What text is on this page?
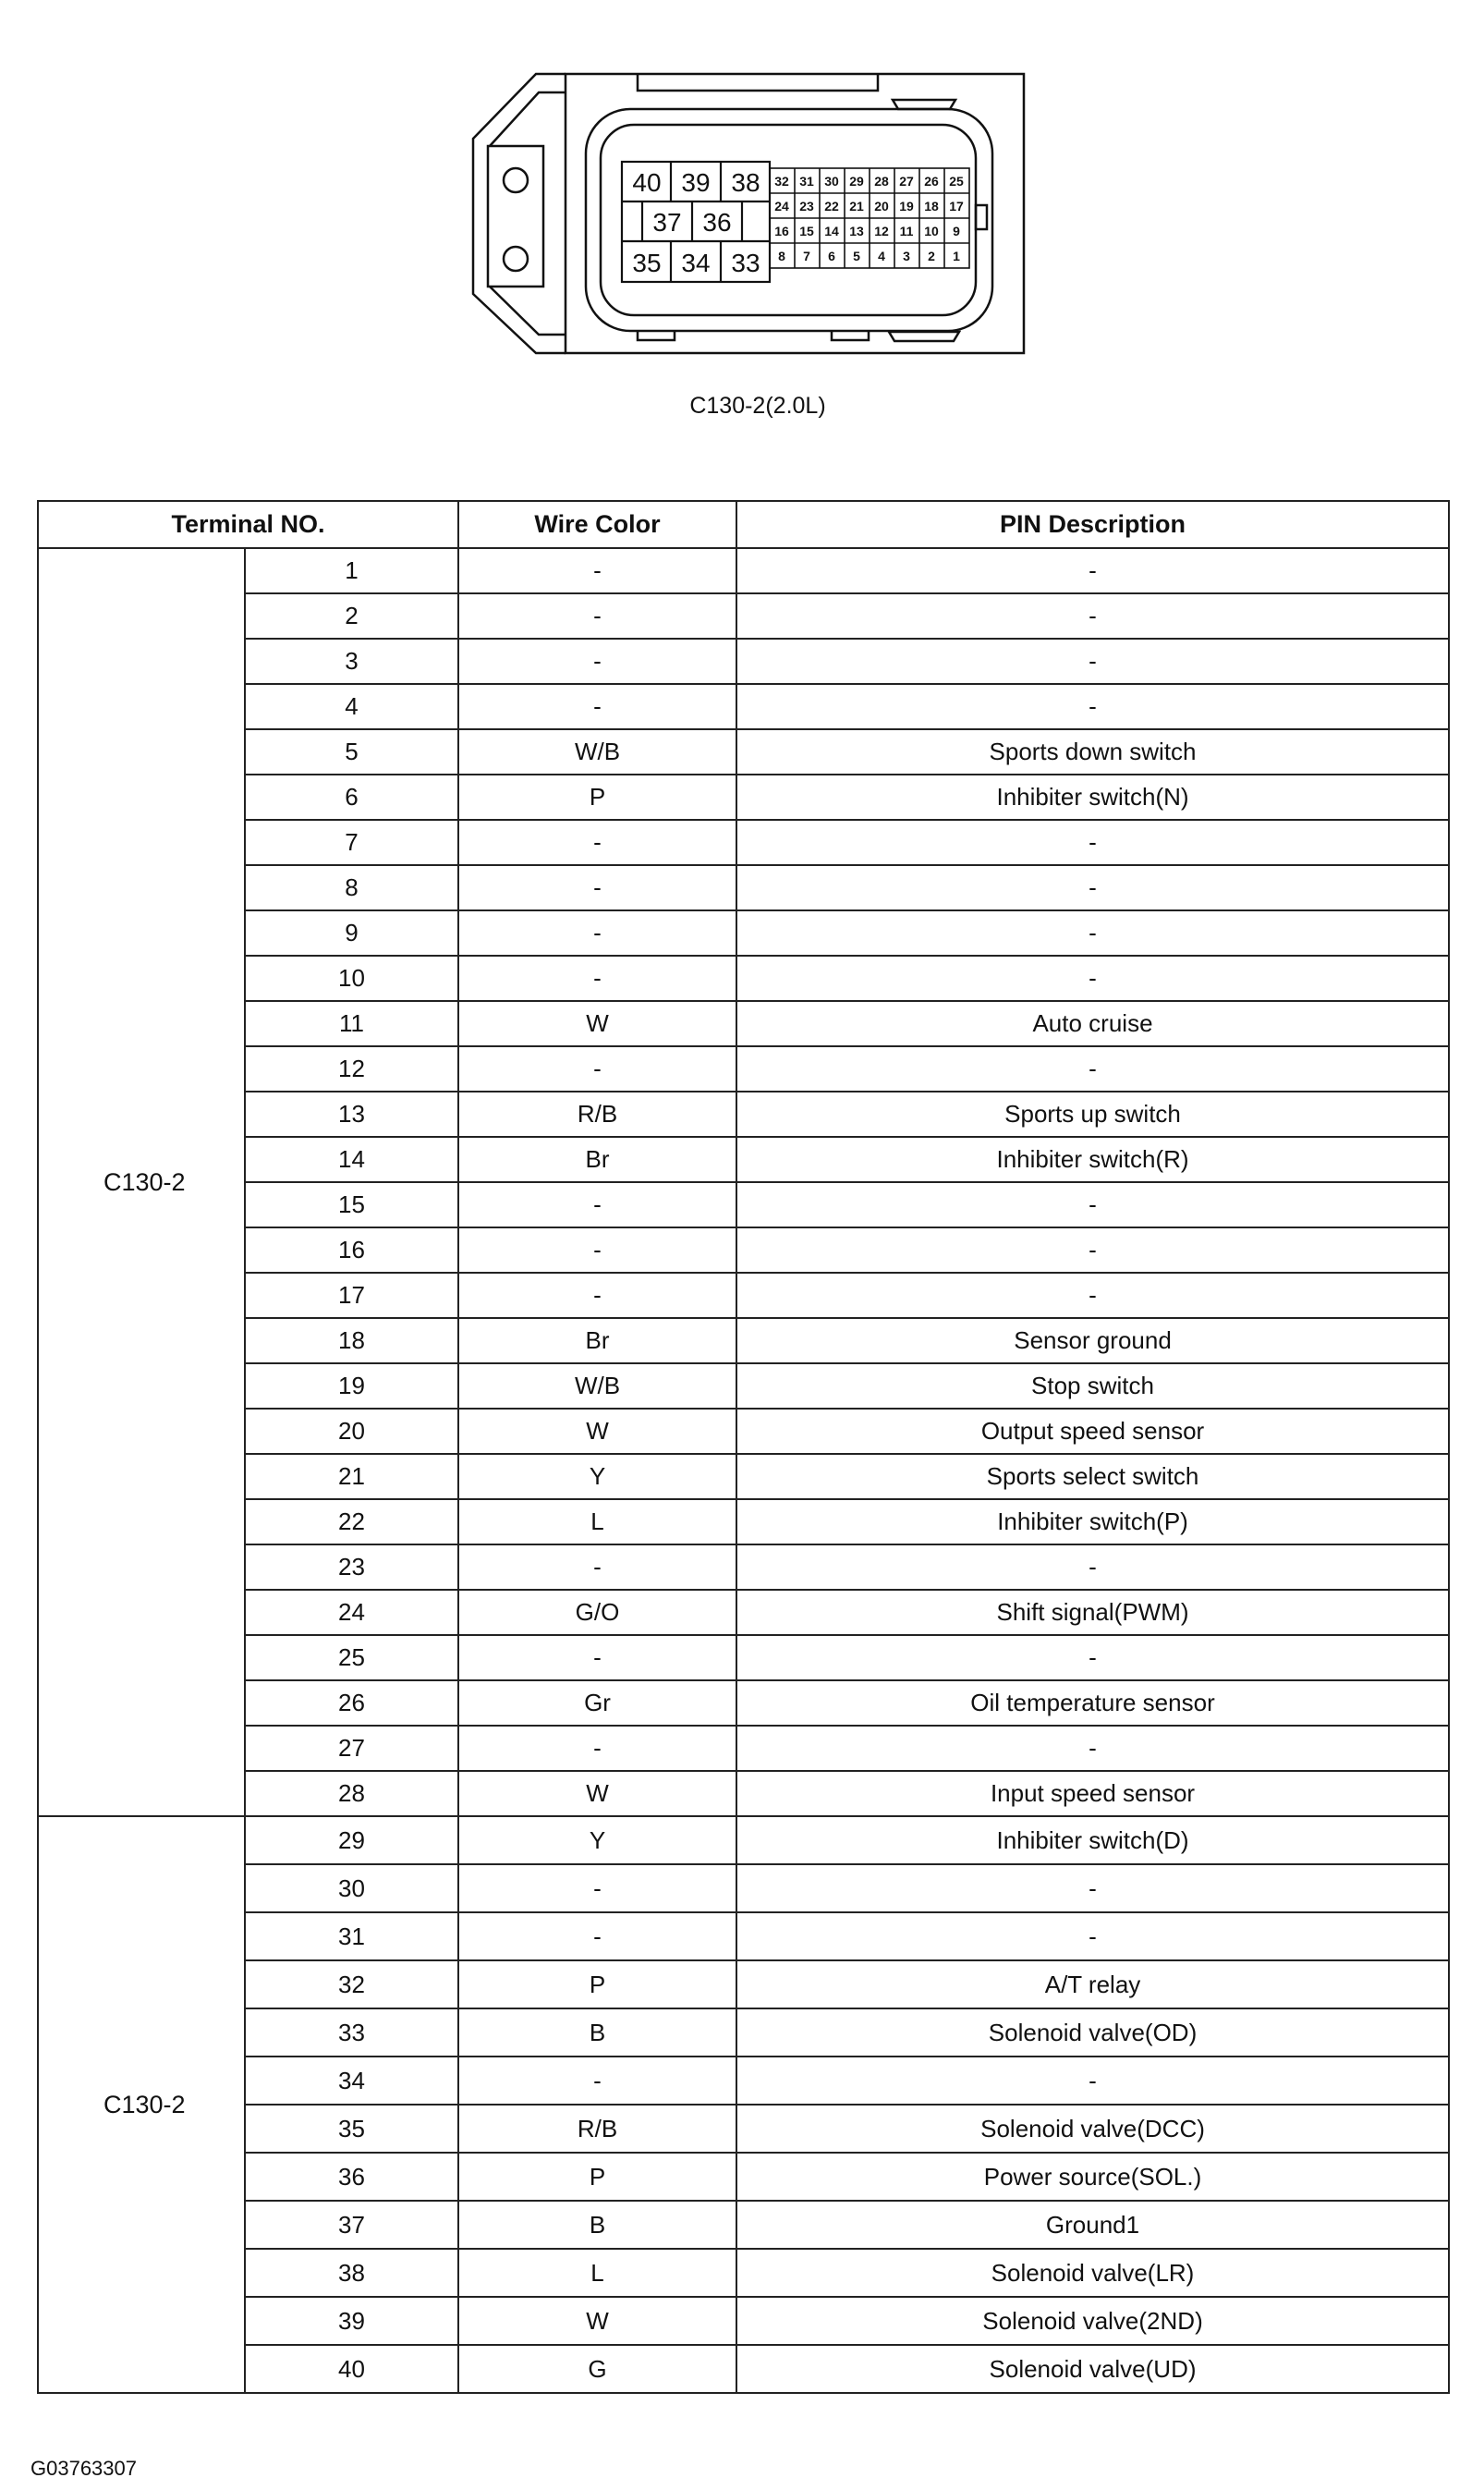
40 39 38
37 36
35 34 33
32 31 30 29 28 27 26 25
24 23 22 21 20 19 18 17
16 15 14 13 12 11 10 9
8 7 6 5 4 3 2 1
C130-2(2.0L)
Terminal NO.		Wire Color	PIN Description
C130-2	1	-	-
	2	-	-
	3	-	-
	4	-	-
	5	W/B	Sports down switch
	6	P	Inhibiter switch(N)
	7	-	-
	8	-	-
	9	-	-
	10	-	-
	11	W	Auto cruise
	12	-	-
	13	R/B	Sports up switch
	14	Br	Inhibiter switch(R)
	15	-	-
	16	-	-
	17	-	-
	18	Br	Sensor ground
	19	W/B	Stop switch
	20	W	Output speed sensor
	21	Y	Sports select switch
	22	L	Inhibiter switch(P)
	23	-	-
	24	G/O	Shift signal(PWM)
	25	-	-
	26	Gr	Oil temperature sensor
	27	-	-
	28	W	Input speed sensor
C130-2	29	Y	Inhibiter switch(D)
	30	-	-
	31	-	-
	32	P	A/T relay
	33	B	Solenoid valve(OD)
	34	-	-
	35	R/B	Solenoid valve(DCC)
	36	P	Power source(SOL.)
	37	B	Ground1
	38	L	Solenoid valve(LR)
	39	W	Solenoid valve(2ND)
	40	G	Solenoid valve(UD)
G03763307
